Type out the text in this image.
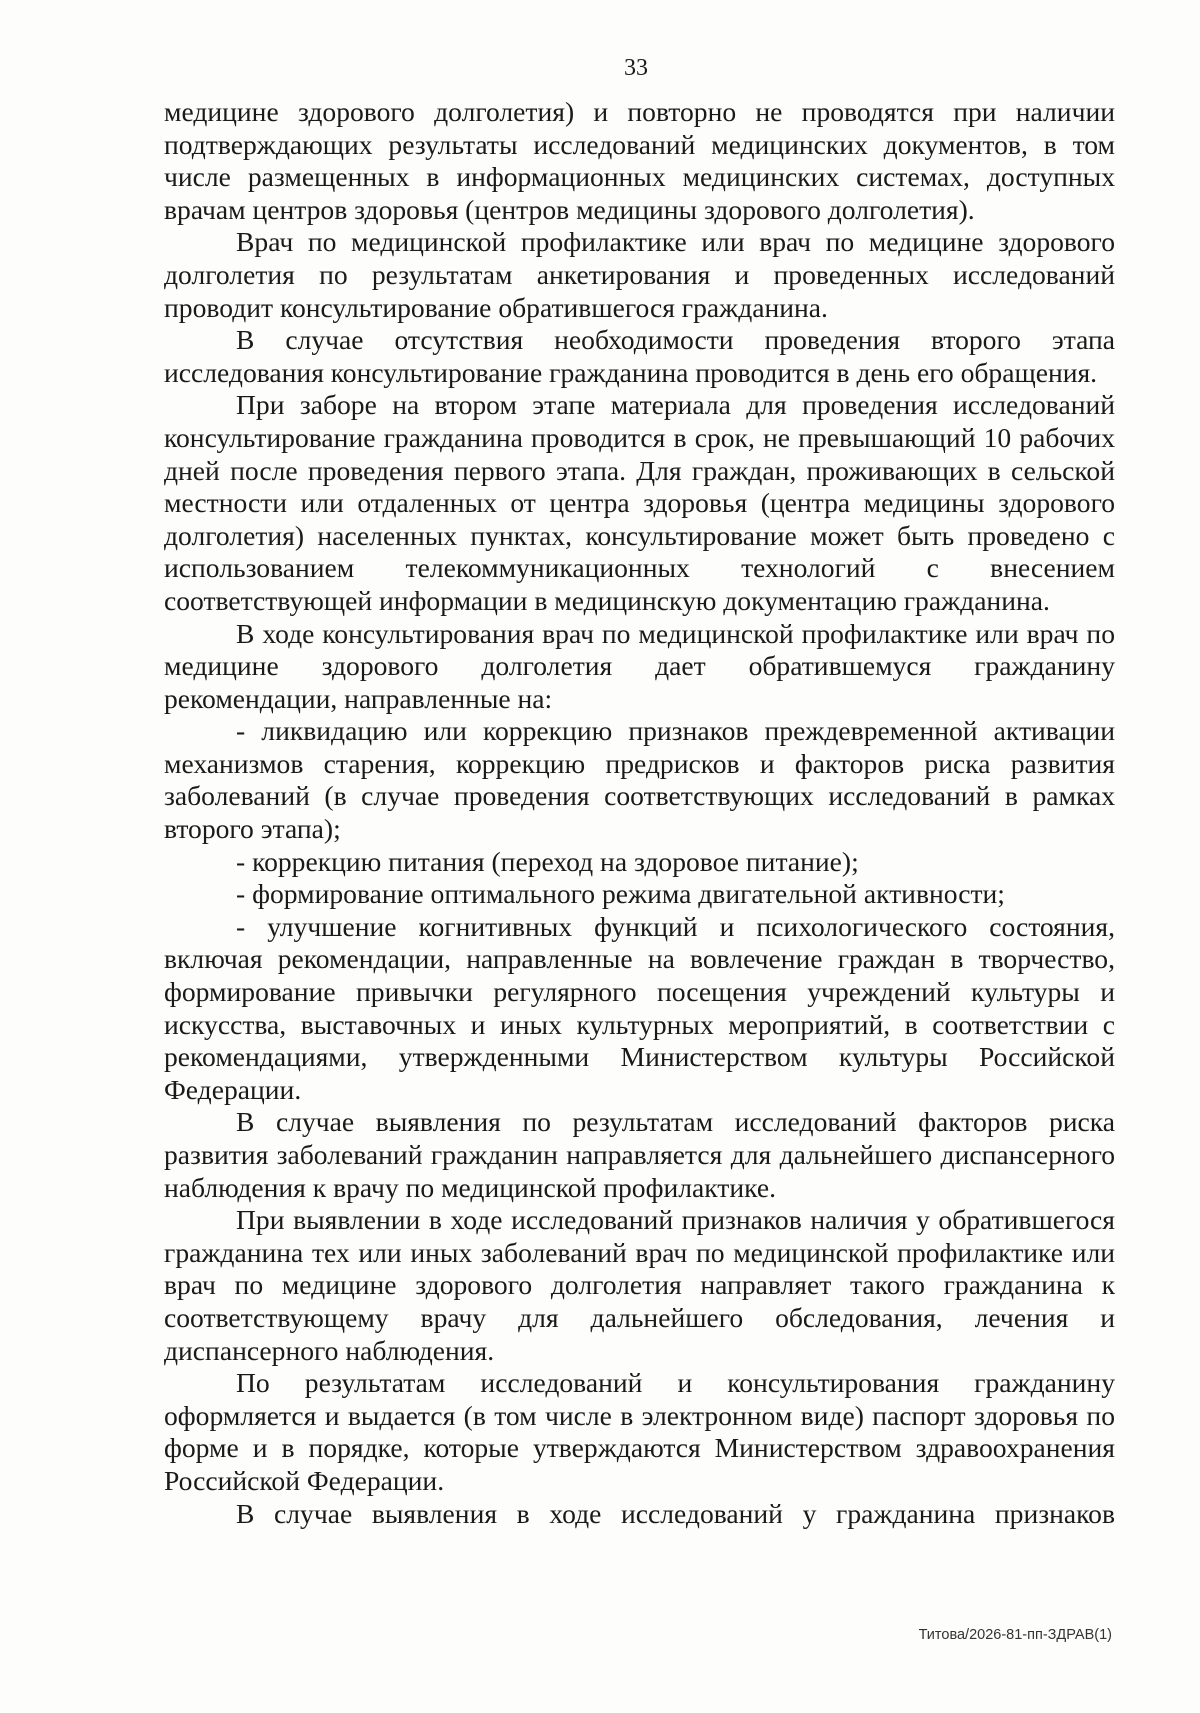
33

медицине здорового долголетия) и повторно не проводятся при наличии подтверждающих результаты исследований медицинских документов, в том числе размещенных в информационных медицинских системах, доступных врачам центров здоровья (центров медицины здорового долголетия).

Врач по медицинской профилактике или врач по медицине здорового долголетия по результатам анкетирования и проведенных исследований проводит консультирование обратившегося гражданина.

В случае отсутствия необходимости проведения второго этапа исследования консультирование гражданина проводится в день его обращения.

При заборе на втором этапе материала для проведения исследований консультирование гражданина проводится в срок, не превышающий 10 рабочих дней после проведения первого этапа. Для граждан, проживающих в сельской местности или отдаленных от центра здоровья (центра медицины здорового долголетия) населенных пунктах, консультирование может быть проведено с использованием телекоммуникационных технологий с внесением соответствующей информации в медицинскую документацию гражданина.

В ходе консультирования врач по медицинской профилактике или врач по медицине здорового долголетия дает обратившемуся гражданину рекомендации, направленные на:

- ликвидацию или коррекцию признаков преждевременной активации механизмов старения, коррекцию предрисков и факторов риска развития заболеваний (в случае проведения соответствующих исследований в рамках второго этапа);

- коррекцию питания (переход на здоровое питание);

- формирование оптимального режима двигательной активности;

- улучшение когнитивных функций и психологического состояния, включая рекомендации, направленные на вовлечение граждан в творчество, формирование привычки регулярного посещения учреждений культуры и искусства, выставочных и иных культурных мероприятий, в соответствии с рекомендациями, утвержденными Министерством культуры Российской Федерации.

В случае выявления по результатам исследований факторов риска развития заболеваний гражданин направляется для дальнейшего диспансерного наблюдения к врачу по медицинской профилактике.

При выявлении в ходе исследований признаков наличия у обратившегося гражданина тех или иных заболеваний врач по медицинской профилактике или врач по медицине здорового долголетия направляет такого гражданина к соответствующему врачу для дальнейшего обследования, лечения и диспансерного наблюдения.

По результатам исследований и консультирования гражданину оформляется и выдается (в том числе в электронном виде) паспорт здоровья по форме и в порядке, которые утверждаются Министерством здравоохранения Российской Федерации.

В случае выявления в ходе исследований у гражданина признаков

Титова/2026-81-пп-ЗДРАВ(1)
